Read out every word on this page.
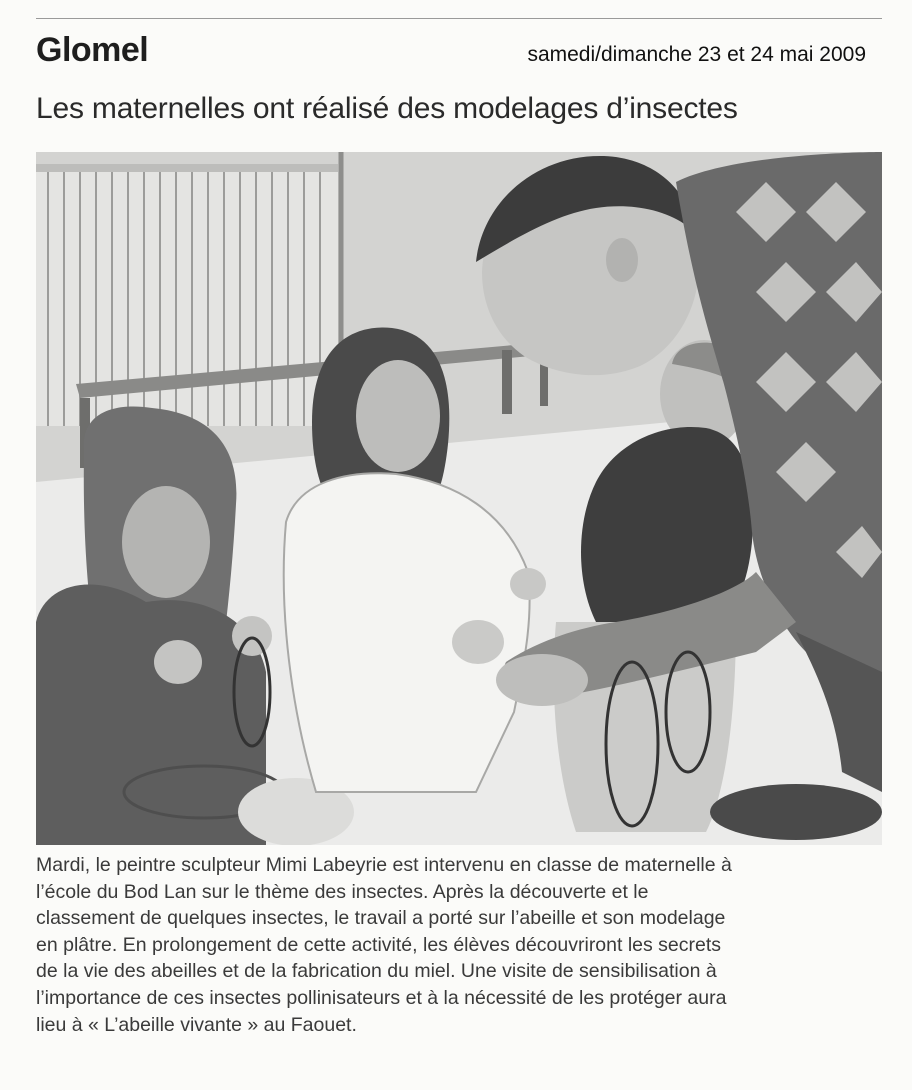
Glomel	samedi/dimanche 23 et 24 mai 2009
Les maternelles ont réalisé des modelages d’insectes
Mardi, le peintre sculpteur Mimi Labeyrie est intervenu en classe de maternelle à
l’école du Bod Lan sur le thème des insectes. Après la découverte et le
classement de quelques insectes, le travail a porté sur l’abeille et son modelage
en plâtre. En prolongement de cette activité, les élèves découvriront les secrets
de la vie des abeilles et de la fabrication du miel. Une visite de sensibilisation à
l’importance de ces insectes pollinisateurs et à la nécessité de les protéger aura
lieu à « L’abeille vivante » au Faouet.
